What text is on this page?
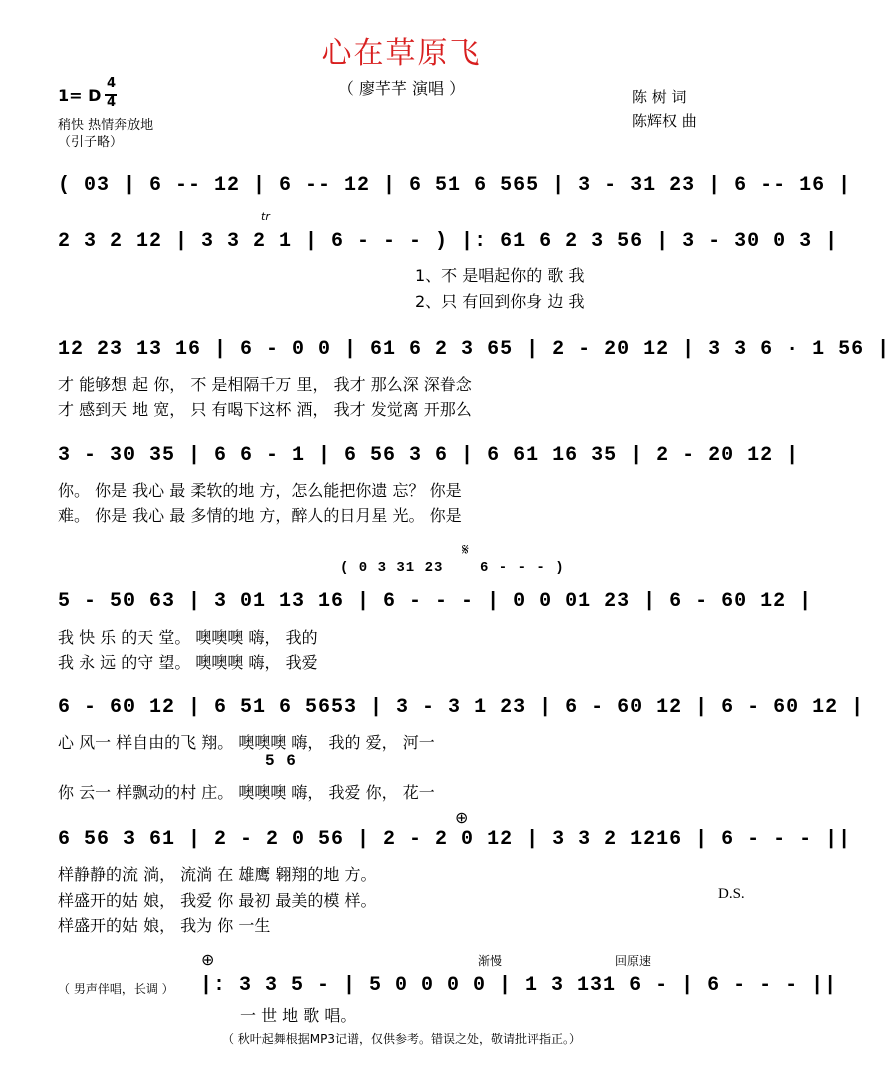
心在草原飞
（ 廖芊芊 演唱 ）
1= D
4
4
稍快 热情奔放地
（引子略）
陈 树 词
陈辉权 曲
( 03 | 6 -- 12 | 6 -- 12 | 6 51 6 565 | 3 - 31 23 | 6 -- 16 |
2 3 2 12 | 3 3 2 1 | 6 - - - ) |: 61 6 2 3 56 | 3 - 30 0 3 |
tr
1、不 是唱起你的 歌 我
2、只 有回到你身 边 我
12 23 13 16 | 6 - 0 0 | 61 6 2 3 65 | 2 - 20 12 | 3 3 6 · 1 56 |
才 能够想 起 你， 不 是相隔千万 里， 我才 那么深 深眷念
才 感到天 地 宽， 只 有喝下这杯 酒， 我才 发觉离 开那么
3 - 30 35 | 6 6 - 1 | 6 56 3 6 | 6 61 16 35 | 2 - 20 12 |
你。 你是 我心 最 柔软的地 方，怎么能把你遗 忘？ 你是
难。 你是 我心 最 多情的地 方，醉人的日月星 光。 你是
( 0 3 31 23	6 - - - )
𝄋
5 - 50 63 | 3 01 13 16 | 6 - - - | 0 0 01 23 | 6 - 60 12 |
我 快 乐 的天 堂。 噢噢噢 嗨， 我的
我 永 远 的守 望。 噢噢噢 嗨， 我爱
6 - 60 12 | 6 51 6 5653 | 3 - 3 1 23 | 6 - 60 12 | 6 - 60 12 |
心 风一 样自由的飞 翔。 噢噢噢 嗨， 我的 爱， 河一
5 6
你 云一 样飘动的村 庄。 噢噢噢 嗨， 我爱 你， 花一
⊕
6 56 3 61 | 2 - 2 0 56 | 2 - 2 0 12 | 3 3 2 1216 | 6 - - - ||
样静静的流 淌， 流淌 在 雄鹰 翱翔的地 方。
样盛开的姑 娘， 我爱 你 最初 最美的模 样。	D.S.
样盛开的姑 娘， 我为 你 一生
⊕	渐慢	回原速
（ 男声伴唱，长调 ） |: 3 3 5 - | 5 0 0 0 0 | 1 3 131 6 - | 6 - - - ||
一 世 地 歌 唱。
（ 秋叶起舞根据MP3记谱，仅供参考。错误之处，敬请批评指正。）
